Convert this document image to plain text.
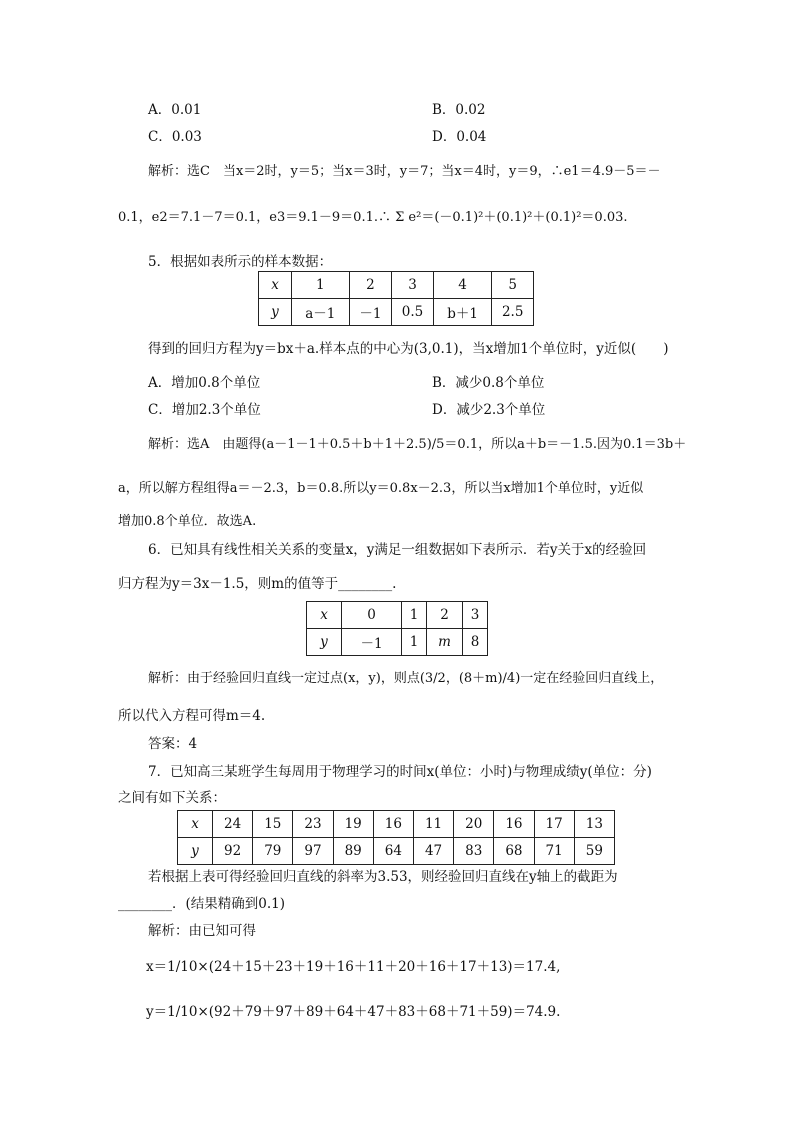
A．0.01	B．0.02
C．0.03	D．0.04
解析：选C　当x＝2时，y＝5；当x＝3时，y＝7；当x＝4时，y＝9，∴e1＝4.9－5＝－
0.1，e2＝7.1－7＝0.1，e3＝9.1－9＝0.1.∴ Σ e²＝(－0.1)²＋(0.1)²＋(0.1)²＝0.03.
5．根据如表所示的样本数据：
x	1	2	3	4	5
y	a－1	－1	0.5	b＋1	2.5
得到的回归方程为y＝bx＋a.样本点的中心为(3,0.1)，当x增加1个单位时，y近似(　　)
A．增加0.8个单位	B．减少0.8个单位
C．增加2.3个单位	D．减少2.3个单位
解析：选A　由题得(a－1－1＋0.5＋b＋1＋2.5)/5＝0.1，所以a＋b＝－1.5.因为0.1＝3b＋
a，所以解方程组得a＝－2.3，b＝0.8.所以y＝0.8x－2.3，所以当x增加1个单位时，y近似
增加0.8个单位．故选A.
6．已知具有线性相关关系的变量x，y满足一组数据如下表所示．若y关于x的经验回
归方程为y＝3x－1.5，则m的值等于________.
x	0	1	2	3
y	－1	1	m	8
解析：由于经验回归直线一定过点(x，y)，则点(3/2，(8＋m)/4)一定在经验回归直线上，
所以代入方程可得m＝4.
答案：4
7．已知高三某班学生每周用于物理学习的时间x(单位：小时)与物理成绩y(单位：分)
之间有如下关系：
x	24	15	23	19	16	11	20	16	17	13
y	92	79	97	89	64	47	83	68	71	59
若根据上表可得经验回归直线的斜率为3.53，则经验回归直线在y轴上的截距为
________．(结果精确到0.1)
解析：由已知可得
x＝1/10×(24＋15＋23＋19＋16＋11＋20＋16＋17＋13)＝17.4,
y＝1/10×(92＋79＋97＋89＋64＋47＋83＋68＋71＋59)＝74.9.
